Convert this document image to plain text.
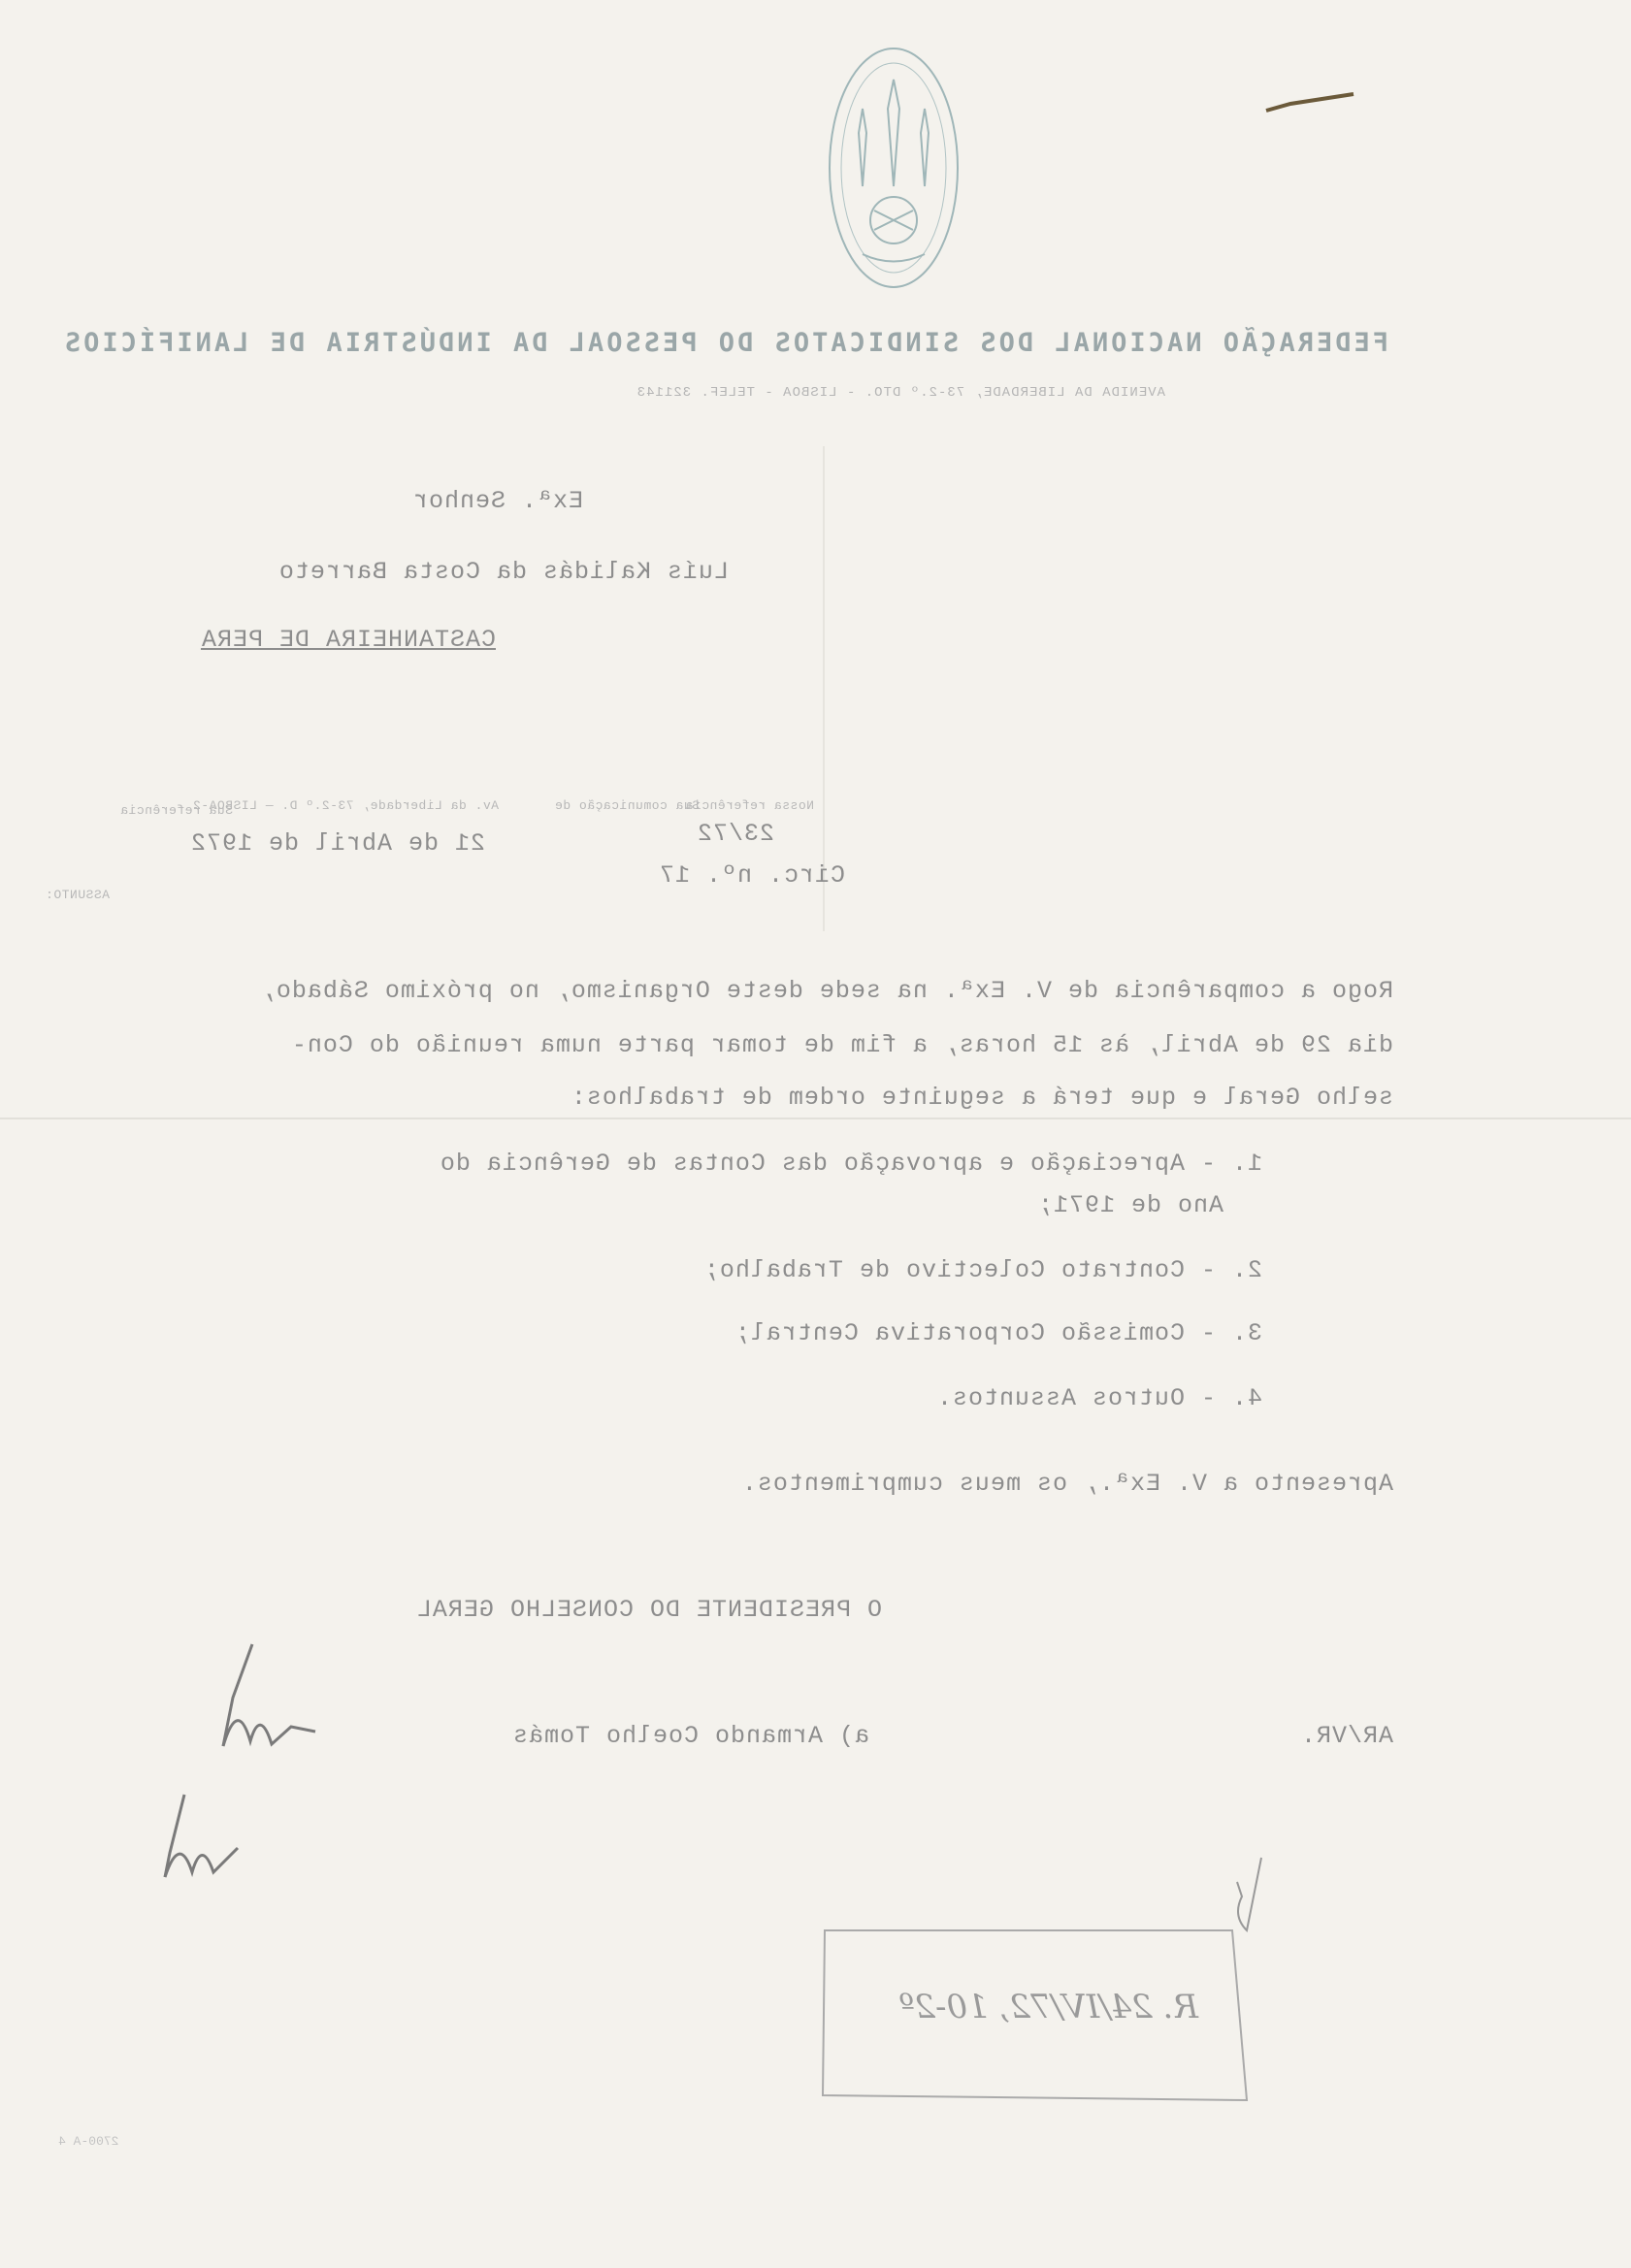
FEDERAÇÃO NACIONAL DOS SINDICATOS DO PESSOAL DA INDÚSTRIA DE LANIFÍCIOS
AVENIDA DA LIBERDADE, 73-2.º DTO. - LISBOA - TELEF. 321143
Exª. Senhor
Luís Kalidás da Costa Barreto
CASTANHEIRA DE PERA
Sua referência	Sua comunicação de
Nossa referência
Av. da Liberdade, 73-2.º D. — LISBOA-2
23/72
Circ. nº. 17
21 de Abril de 1972
ASSUNTO:
Rogo a comparência de V. Exª. na sede deste Organismo, no próximo Sábado,
dia 29 de Abril, às 15 horas, a fim de tomar parte numa reunião do Con-
selho Geral e que terá a seguinte ordem de trabalhos:
1. - Apreciação e aprovação das Contas de Gerência do
Ano de 1971;
2. - Contrato Colectivo de Trabalho;
3. - Comissão Corporativa Central;
4. - Outros Assuntos.
Apresento a V. Exª., os meus cumprimentos.
O PRESIDENTE DO CONSELHO GERAL
AR/VR.
a) Armando Coelho Tomás
R. 24/IV/72, 10-2º
2700-A 4
